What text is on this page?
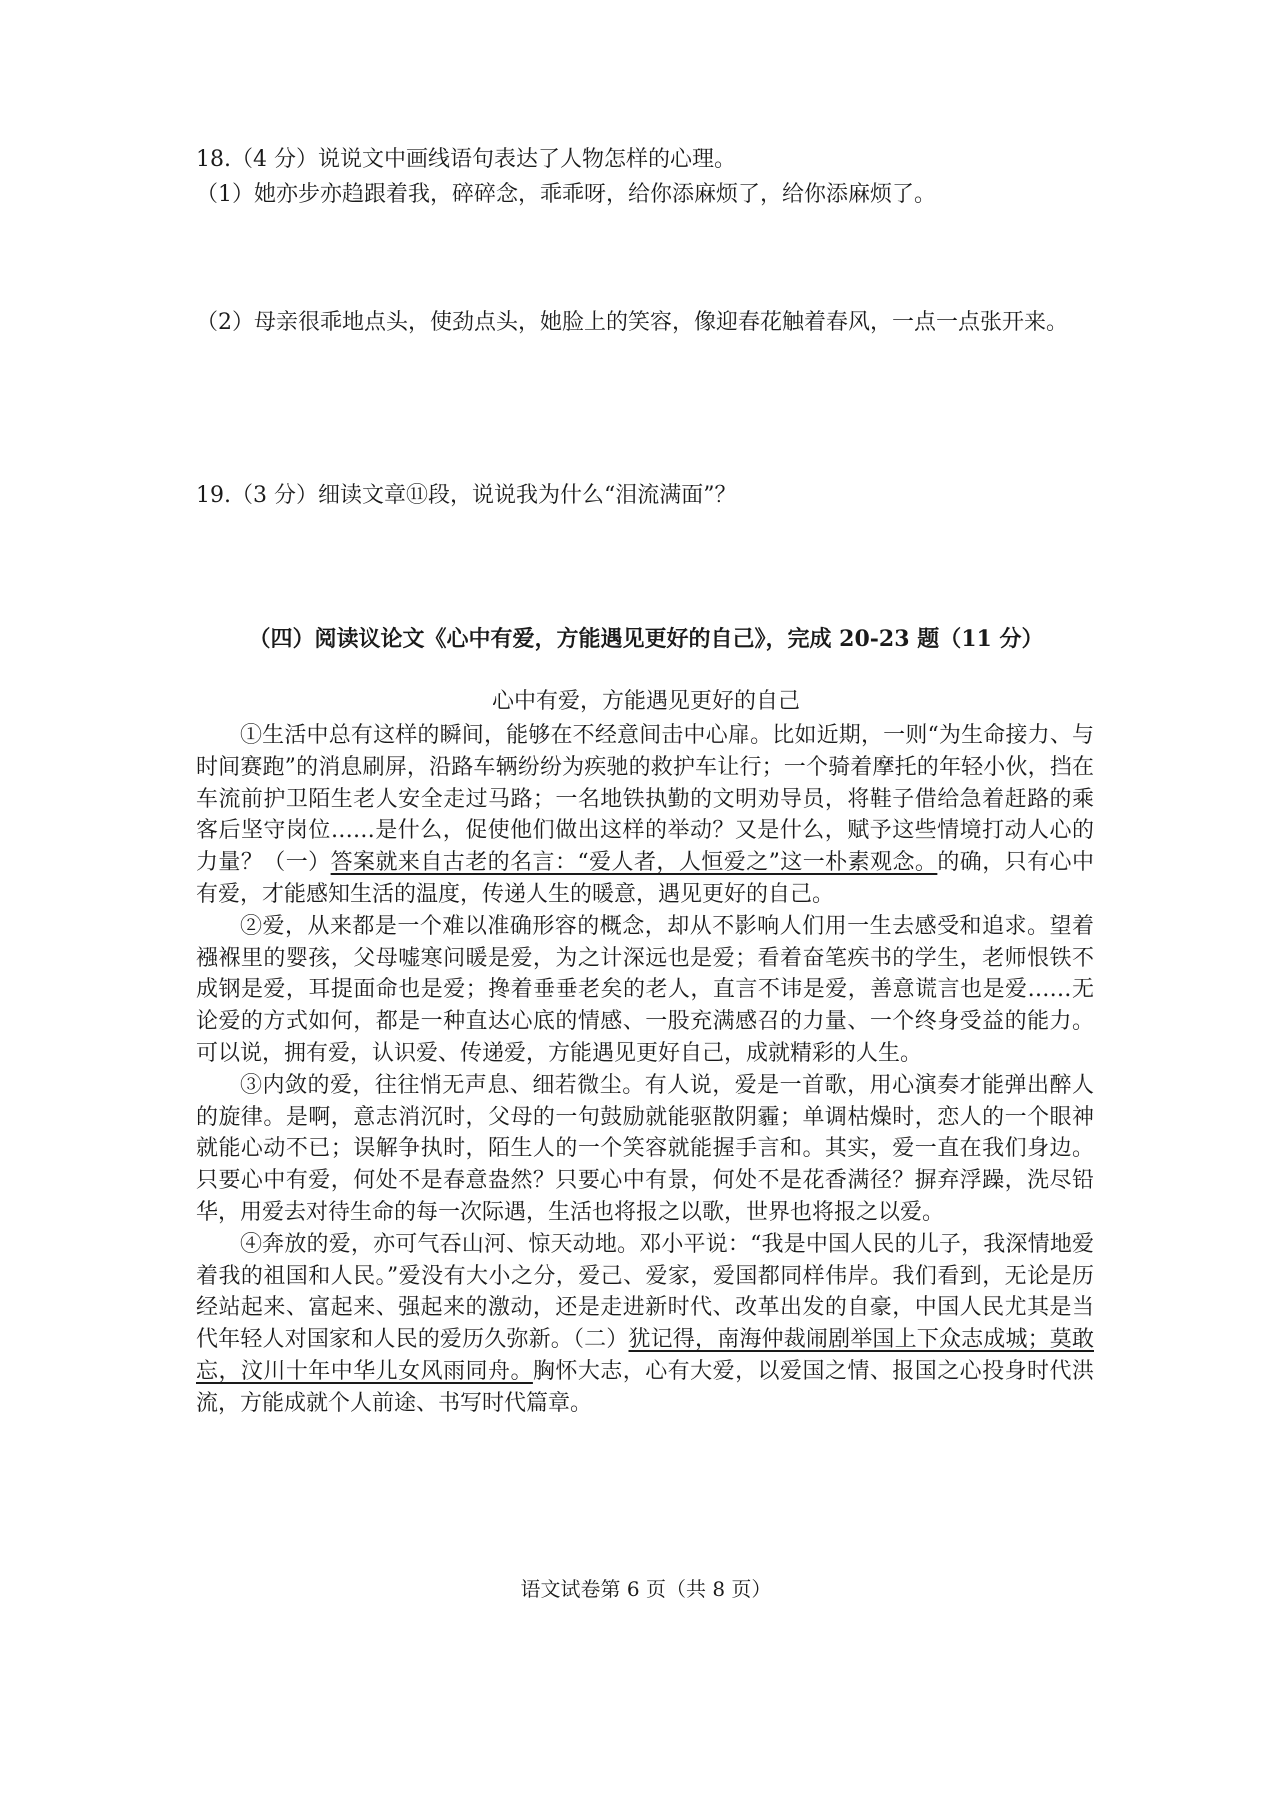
18.（4 分）说说文中画线语句表达了人物怎样的心理。
（1）她亦步亦趋跟着我，碎碎念，乖乖呀，给你添麻烦了，给你添麻烦了。
（2）母亲很乖地点头，使劲点头，她脸上的笑容，像迎春花触着春风，一点一点张开来。
19.（3 分）细读文章⑪段，说说我为什么“泪流满面”？
（四）阅读议论文《心中有爱，方能遇见更好的自己》，完成 20-23 题（11 分）
心中有爱，方能遇见更好的自己

①生活中总有这样的瞬间，能够在不经意间击中心扉。比如近期，一则“为生命接力、与时间赛跑”的消息刷屏，沿路车辆纷纷为疾驰的救护车让行；一个骑着摩托的年轻小伙，挡在车流前护卫陌生老人安全走过马路；一名地铁执勤的文明劝导员，将鞋子借给急着赶路的乘客后坚守岗位……是什么，促使他们做出这样的举动？又是什么，赋予这些情境打动人心的力量？（一）答案就来自古老的名言：“爱人者，人恒爱之”这一朴素观念。的确，只有心中有爱，才能感知生活的温度，传递人生的暖意，遇见更好的自己。

②爱，从来都是一个难以准确形容的概念，却从不影响人们用一生去感受和追求。望着襁褓里的婴孩，父母嘘寒问暖是爱，为之计深远也是爱；看着奋笔疾书的学生，老师恨铁不成钢是爱，耳提面命也是爱；搀着垂垂老矣的老人，直言不讳是爱，善意谎言也是爱……无论爱的方式如何，都是一种直达心底的情感、一股充满感召的力量、一个终身受益的能力。可以说，拥有爱，认识爱、传递爱，方能遇见更好自己，成就精彩的人生。

③内敛的爱，往往悄无声息、细若微尘。有人说，爱是一首歌，用心演奏才能弹出醉人的旋律。是啊，意志消沉时，父母的一句鼓励就能驱散阴霾；单调枯燥时，恋人的一个眼神就能心动不已；误解争执时，陌生人的一个笑容就能握手言和。其实，爱一直在我们身边。只要心中有爱，何处不是春意盎然？只要心中有景，何处不是花香满径？摒弃浮躁，洗尽铅华，用爱去对待生命的每一次际遇，生活也将报之以歌，世界也将报之以爱。

④奔放的爱，亦可气吞山河、惊天动地。邓小平说：“我是中国人民的儿子，我深情地爱着我的祖国和人民。”爱没有大小之分，爱己、爱家，爱国都同样伟岸。我们看到，无论是历经站起来、富起来、强起来的激动，还是走进新时代、改革出发的自豪，中国人民尤其是当代年轻人对国家和人民的爱历久弥新。（二）犹记得，南海仲裁闹剧举国上下众志成城；莫敢忘，汶川十年中华儿女风雨同舟。胸怀大志，心有大爱，以爱国之情、报国之心投身时代洪流，方能成就个人前途、书写时代篇章。

语文试卷第 6 页（共 8 页）
